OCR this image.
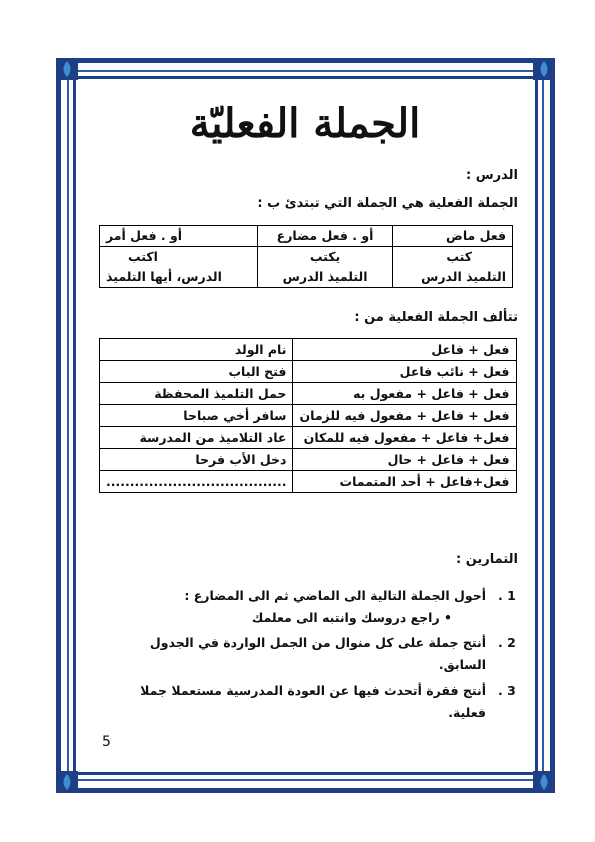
الجملة الفعليّة
الدرس :
الجملة الفعلية هي الجملة التي تبتدئ ب :
فعل ماض	أو . فعل مضارع	أو . فعل أمر
كتب	يكتب	اكتب
التلميذ الدرس	التلميذ الدرس	الدرس، أيها التلميذ
تتألف الجملة الفعلية من :
فعل + فاعل	نام الولد
فعل + نائب فاعل	فتح الباب
فعل + فاعل + مفعول به	حمل التلميذ المحفظة
فعل + فاعل + مفعول فيه للزمان	سافر أخي صباحا
فعل+ فاعل + مفعول فيه للمكان	عاد التلاميذ من المدرسة
فعل + فاعل + حال	دخل الأب فرحا
فعل+فاعل + أحد المتممات	......................................
التمارين :
1 .
أحول الجملة التالية الى الماضي ثم الى المضارع :
• راجع دروسك وانتبه الى معلمك
2 .
أنتج جملة على كل منوال من الجمل الواردة في الجدول
السابق.
3 .
أنتج فقرة أتحدث فيها عن العودة المدرسية مستعملا جملا
فعلية.
5
